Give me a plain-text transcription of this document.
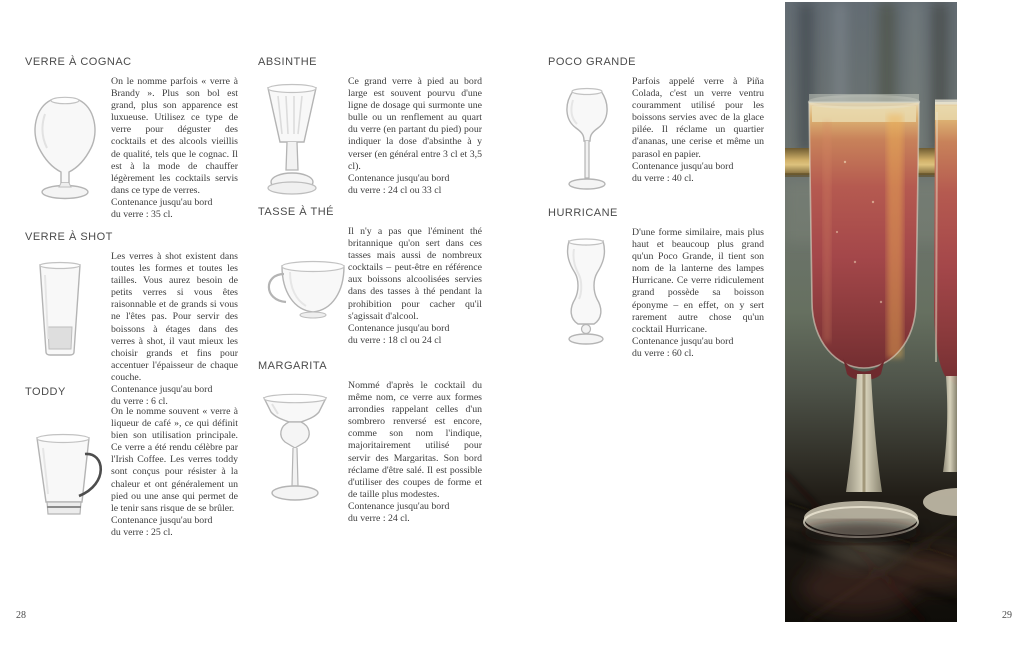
VERRE À COGNAC

On le nomme parfois « verre à Brandy ». Plus son bol est grand, plus son apparence est luxueuse. Utilisez ce type de verre pour déguster des cocktails et des alcools vieillis de qualité, tels que le cognac. Il est à la mode de chauffer légèrement les cocktails servis dans ce type de verres.

Contenance jusqu'au bord
du verre : 35 cl.

VERRE À SHOT

Les verres à shot existent dans toutes les formes et toutes les tailles. Vous aurez besoin de petits verres si vous êtes raisonnable et de grands si vous ne l'êtes pas. Pour servir des boissons à étages dans des verres à shot, il vaut mieux les choisir grands et fins pour accentuer l'épaisseur de chaque couche.

Contenance jusqu'au bord
du verre : 6 cl.

TODDY

On le nomme souvent « verre à liqueur de café », ce qui définit bien son utilisation principale. Ce verre a été rendu célèbre par l'Irish Coffee. Les verres toddy sont conçus pour résister à la chaleur et ont généralement un pied ou une anse qui permet de le tenir sans risque de se brûler.

Contenance jusqu'au bord
du verre : 25 cl.

ABSINTHE

Ce grand verre à pied au bord large est souvent pourvu d'une ligne de dosage qui surmonte une bulle ou un renflement au quart du verre (en partant du pied) pour indiquer la dose d'absinthe à y verser (en général entre 3 cl et 3,5 cl).

Contenance jusqu'au bord
du verre : 24 cl ou 33 cl

TASSE À THÉ

Il n'y a pas que l'éminent thé britannique qu'on sert dans ces tasses mais aussi de nombreux cocktails – peut-être en référence aux boissons alcoolisées servies dans des tasses à thé pendant la prohibition pour cacher qu'il s'agissait d'alcool.

Contenance jusqu'au bord
du verre : 18 cl ou 24 cl

MARGARITA

Nommé d'après le cocktail du même nom, ce verre aux formes arrondies rappelant celles d'un sombrero renversé est encore, comme son nom l'indique, majoritairement utilisé pour servir des Margaritas. Son bord réclame d'être salé. Il est possible d'utiliser des coupes de forme et de taille plus modestes.

Contenance jusqu'au bord
du verre : 24 cl.

POCO GRANDE

Parfois appelé verre à Piña Colada, c'est un verre ventru couramment utilisé pour les boissons servies avec de la glace pilée. Il réclame un quartier d'ananas, une cerise et même un parasol en papier.

Contenance jusqu'au bord
du verre : 40 cl.

HURRICANE

D'une forme similaire, mais plus haut et beaucoup plus grand qu'un Poco Grande, il tient son nom de la lanterne des lampes Hurricane. Ce verre ridiculement grand possède sa boisson éponyme – en effet, on y sert rarement autre chose qu'un cocktail Hurricane.

Contenance jusqu'au bord
du verre : 60 cl.

28	29
